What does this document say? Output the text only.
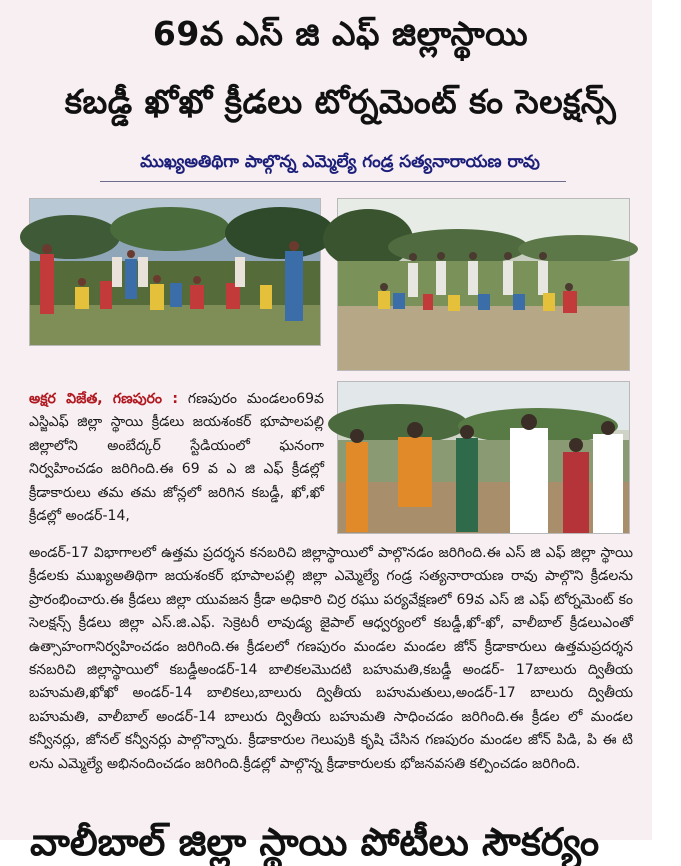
69వ ఎస్ జి ఎఫ్ జిల్లాస్థాయి
కబడ్డీ ఖోఖో క్రీడలు టోర్నమెంట్ కం సెలక్షన్స్
ముఖ్యఅతిథిగా పాల్గొన్న ఎమ్మెల్యే గండ్ర సత్యనారాయణ రావు
అక్షర విజేత, గణపురం : గణపురం మండలం69వ ఎస్జిఎఫ్ జిల్లా స్థాయి క్రీడలు జయశంకర్ భూపాలపల్లి జిల్లాలోని అంబేద్కర్ స్టేడియంలో ఘనంగా నిర్వహించడం జరిగింది.ఈ 69 వ ఎ జి ఎఫ్ క్రీడల్లో క్రీడాకారులు తమ తమ జోన్లలో జరిగిన కబడ్డీ, ఖో,ఖో క్రీడల్లో అండర్-14,
అండర్-17 విభాగాలలో ఉత్తమ ప్రదర్శన కనబరిచి జిల్లాస్థాయిలో పాల్గొనడం జరిగింది.ఈ ఎస్ జి ఎఫ్ జిల్లా స్థాయి క్రీడలకు ముఖ్యఅతిథిగా జయశంకర్ భూపాలపల్లి జిల్లా ఎమ్మెల్యే గండ్ర సత్యనారాయణ రావు పాల్గొని క్రీడలను ప్రారంభించారు.ఈ క్రీడలు జిల్లా యువజన క్రీడా అధికారి చిర్ర రఘు పర్యవేక్షణలో 69వ ఎస్ జి ఎఫ్ టోర్నమెంట్ కం సెలక్షన్స్ క్రీడలు జిల్లా ఎస్.జి.ఎఫ్. సెక్రెటరీ లావుడ్య జైపాల్ ఆధ్వర్యంలో కబడ్డీ,ఖో-ఖో, వాలీబాల్ క్రీడలుఎంతో ఉత్సాహంగానిర్వహించడం జరిగింది.ఈ క్రీడలలో గణపురం మండల మండల జోన్ క్రీడాకారులు ఉత్తమప్రదర్శన కనబరిచి జిల్లాస్థాయిలో కబడ్డీఅండర్-14 బాలికలమొదటి బహుమతి,కబడ్డీ అండర్- 17బాలురు ద్వితీయ బహుమతి,ఖోఖో అండర్-14 బాలికలు,బాలురు ద్వితీయ బహుమతులు,అండర్-17 బాలురు ద్వితీయ బహుమతి, వాలీబాల్ అండర్-14 బాలురు ద్వితీయ బహుమతి సాధించడం జరిగింది.ఈ క్రీడల లో మండల కన్వీనర్లు, జోనల్ కన్వీనర్లు పాల్గొన్నారు. క్రీడాకారుల గెలుపుకి కృషి చేసిన గణపురం మండల జోన్ పిడి, పి ఈ టి లను ఎమ్మెల్యే అభినందించడం జరిగింది.క్రీడల్లో పాల్గొన్న క్రీడాకారులకు భోజనవసతి కల్పించడం జరిగింది.
వాలీబాల్ జిల్లా స్థాయి పోటీలు సౌకర్యం
